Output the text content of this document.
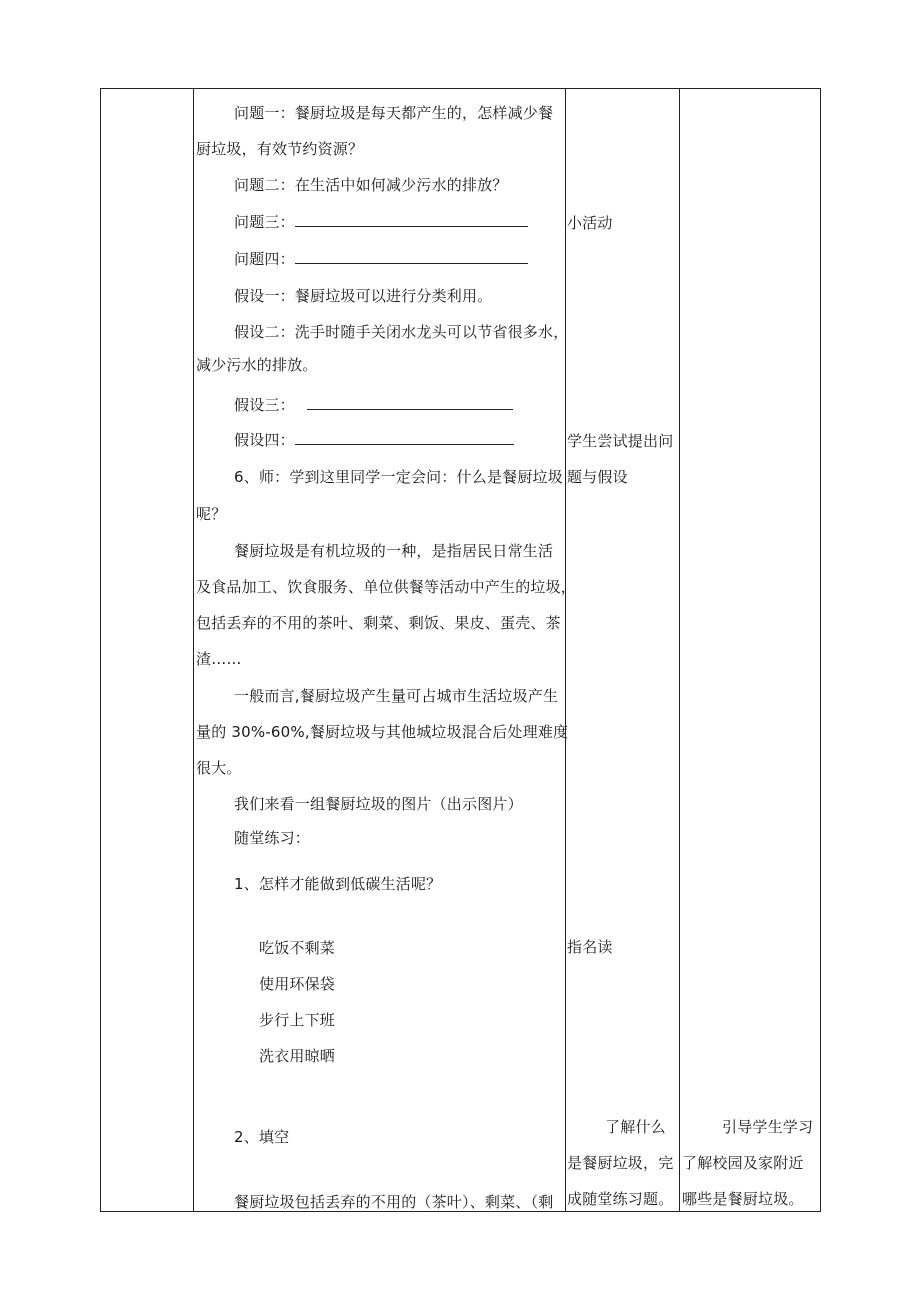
问题一：餐厨垃圾是每天都产生的，怎样减少餐
厨垃圾，有效节约资源？
问题二：在生活中如何减少污水的排放？
问题三：
问题四：
假设一：餐厨垃圾可以进行分类利用。
假设二：洗手时随手关闭水龙头可以节省很多水，
减少污水的排放。
假设三：
假设四：
6、师：学到这里同学一定会问：什么是餐厨垃圾
呢？
餐厨垃圾是有机垃圾的一种，是指居民日常生活
及食品加工、饮食服务、单位供餐等活动中产生的垃圾，
包括丢弃的不用的茶叶、剩菜、剩饭、果皮、蛋壳、茶
渣……
一般而言,餐厨垃圾产生量可占城市生活垃圾产生
量的 30%-60%,餐厨垃圾与其他城垃圾混合后处理难度
很大。
我们来看一组餐厨垃圾的图片（出示图片）
随堂练习：
1、怎样才能做到低碳生活呢？
吃饭不剩菜
使用环保袋
步行上下班
洗衣用晾晒
2、填空
餐厨垃圾包括丢弃的不用的（茶叶）、剩菜、（剩
小活动
学生尝试提出问
题与假设
指名读
了解什么
是餐厨垃圾，完
成随堂练习题。
引导学生学习
了解校园及家附近
哪些是餐厨垃圾。
